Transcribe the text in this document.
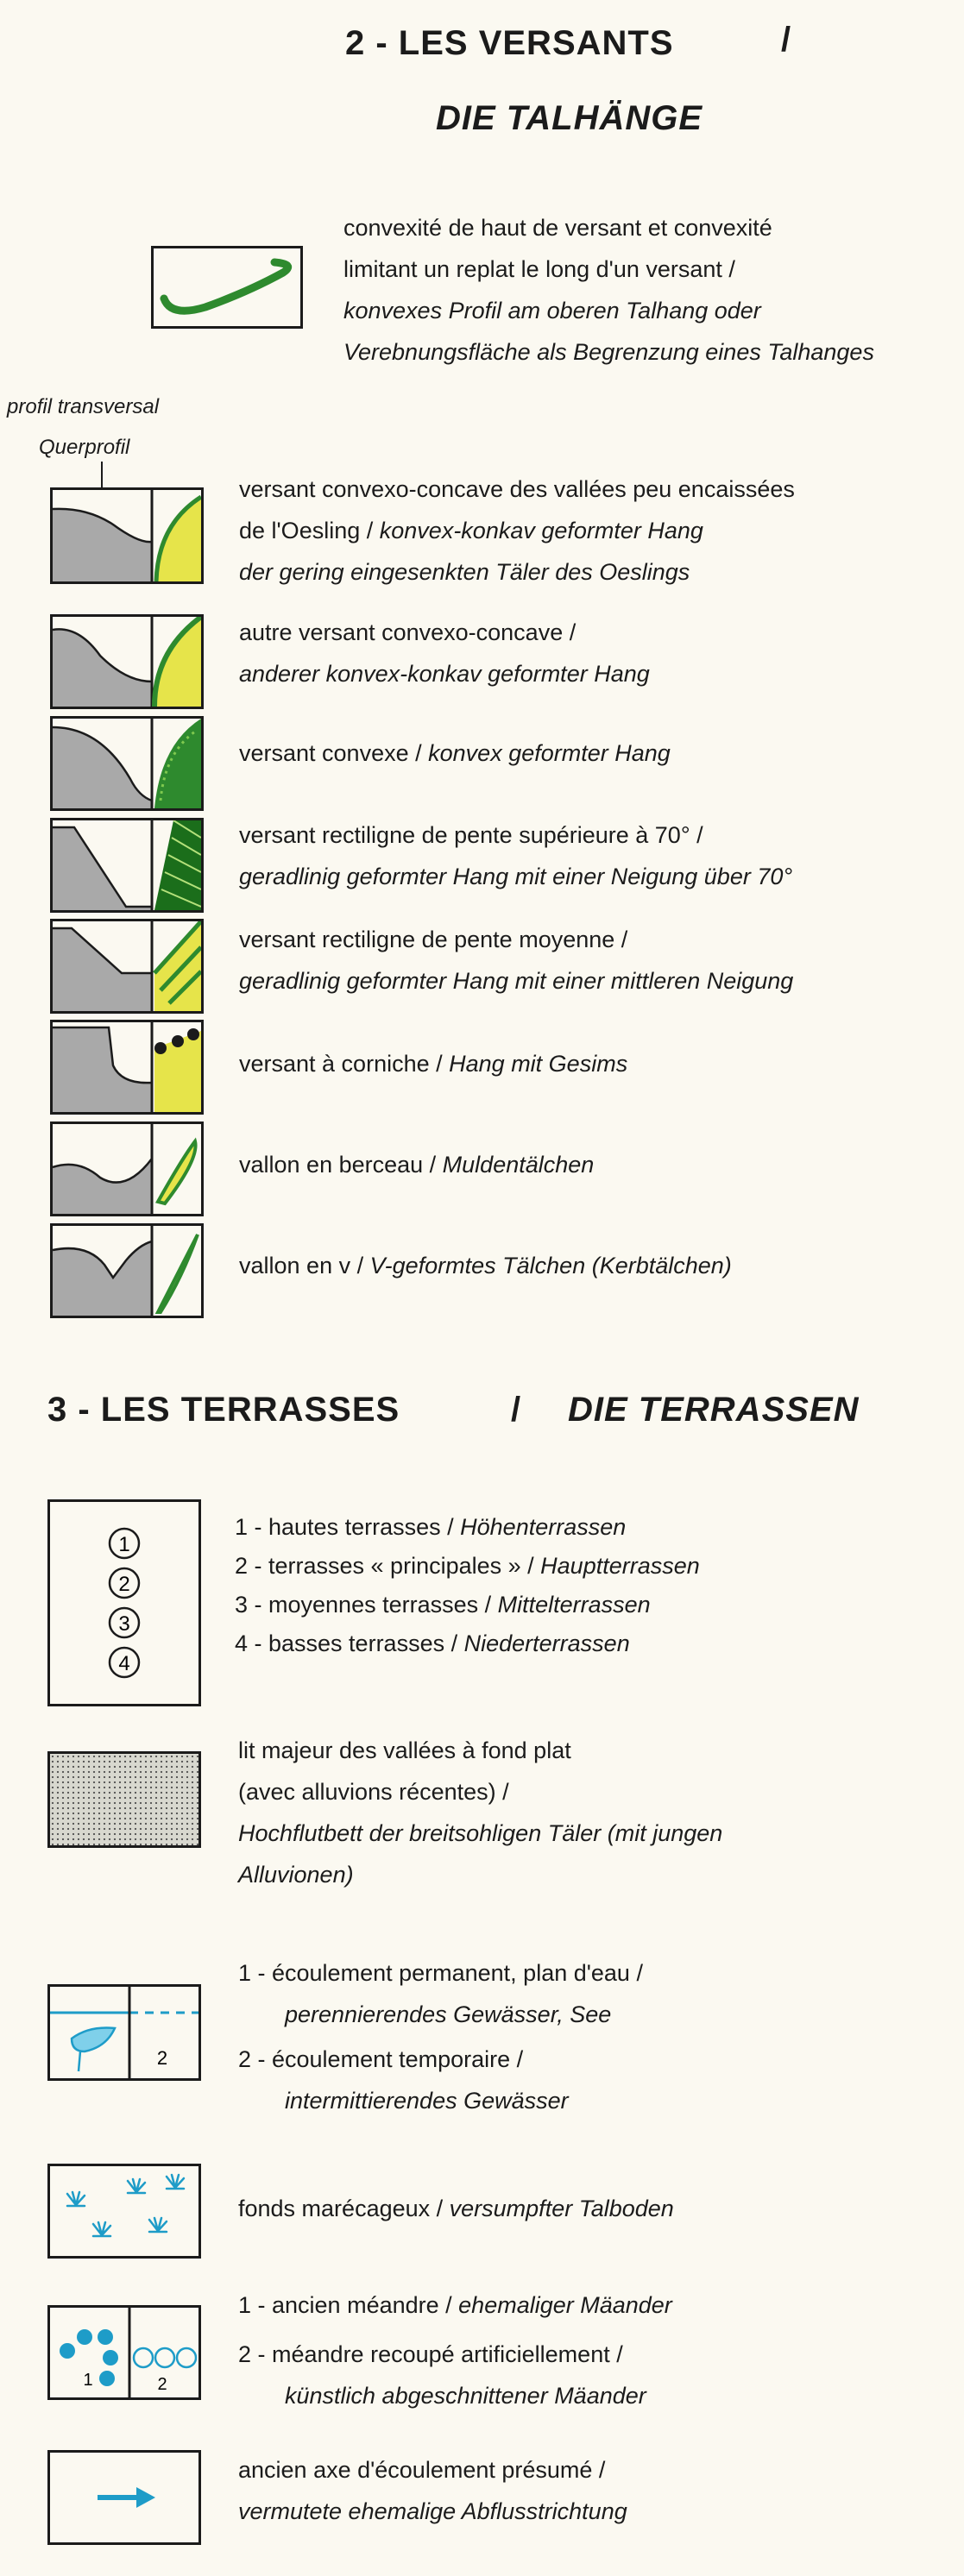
2 - LES VERSANTS	/
DIE TALHÄNGE
convexité de haut de versant et convexité
limitant un replat le long d'un versant /
konvexes Profil am oberen Talhang oder
Verebnungsfläche als Begrenzung eines Talhanges
profil transversal
Querprofil
versant convexo-concave des vallées peu encaissées
de l'Oesling / konvex-konkav geformter Hang
der gering eingesenkten Täler des Oeslings
autre versant convexo-concave /
anderer konvex-konkav geformter Hang
versant convexe / konvex geformter Hang
versant rectiligne de pente supérieure à 70° /
geradlinig geformter Hang mit einer Neigung über 70°
versant rectiligne de pente moyenne /
geradlinig geformter Hang mit einer mittleren Neigung
versant à corniche / Hang mit Gesims
vallon en berceau / Muldentälchen
vallon en v / V-geformtes Tälchen (Kerbtälchen)
3 - LES TERRASSES	/ DIE TERRASSEN
1
2
3
4
1 - hautes terrasses / Höhenterrassen
2 - terrasses « principales » / Hauptterrassen
3 - moyennes terrasses / Mittelterrassen
4 - basses terrasses / Niederterrassen
lit majeur des vallées à fond plat
(avec alluvions récentes) /
Hochflutbett der breitsohligen Täler (mit jungen
Alluvionen)
2
1 - écoulement permanent, plan d'eau /
perennierendes Gewässer, See
2 - écoulement temporaire /
intermittierendes Gewässer
fonds marécageux / versumpfter Talboden
1	2
1 - ancien méandre / ehemaliger Mäander
2 - méandre recoupé artificiellement /
künstlich abgeschnittener Mäander
ancien axe d'écoulement présumé /
vermutete ehemalige Abflusstrichtung
